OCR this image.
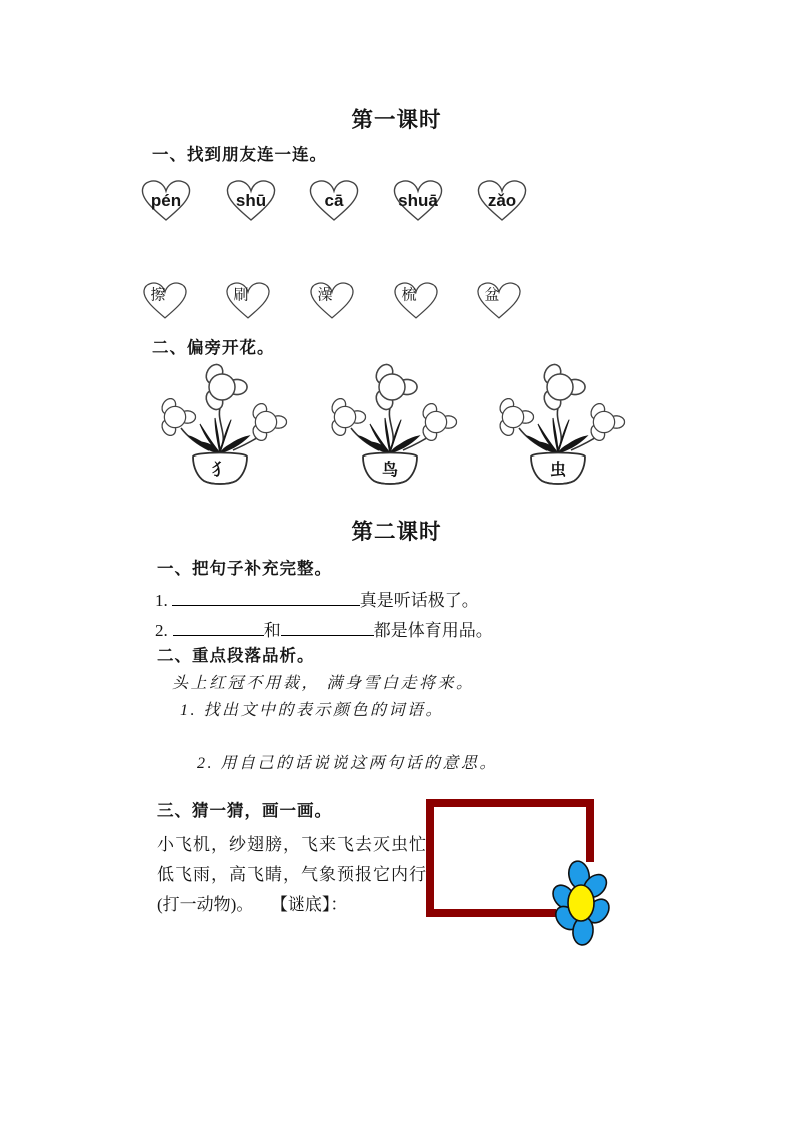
第一课时
一、找到朋友连一连。
pén	shū	cā	shuā	zǎo
擦	刷	澡	梳	盆
二、偏旁开花。
犭	鸟	虫
第二课时
一、把句子补充完整。
1.	真是听话极了。
2.	和	都是体育用品。
二、重点段落品析。
头上红冠不用裁， 满身雪白走将来。
1. 找出文中的表示颜色的词语。
2. 用自己的话说说这两句话的意思。
三、猜一猜，画一画。
小飞机，纱翅膀，飞来飞去灭虫忙，
低飞雨，高飞睛，气象预报它内行。
(打一动物)。 【谜底】：
